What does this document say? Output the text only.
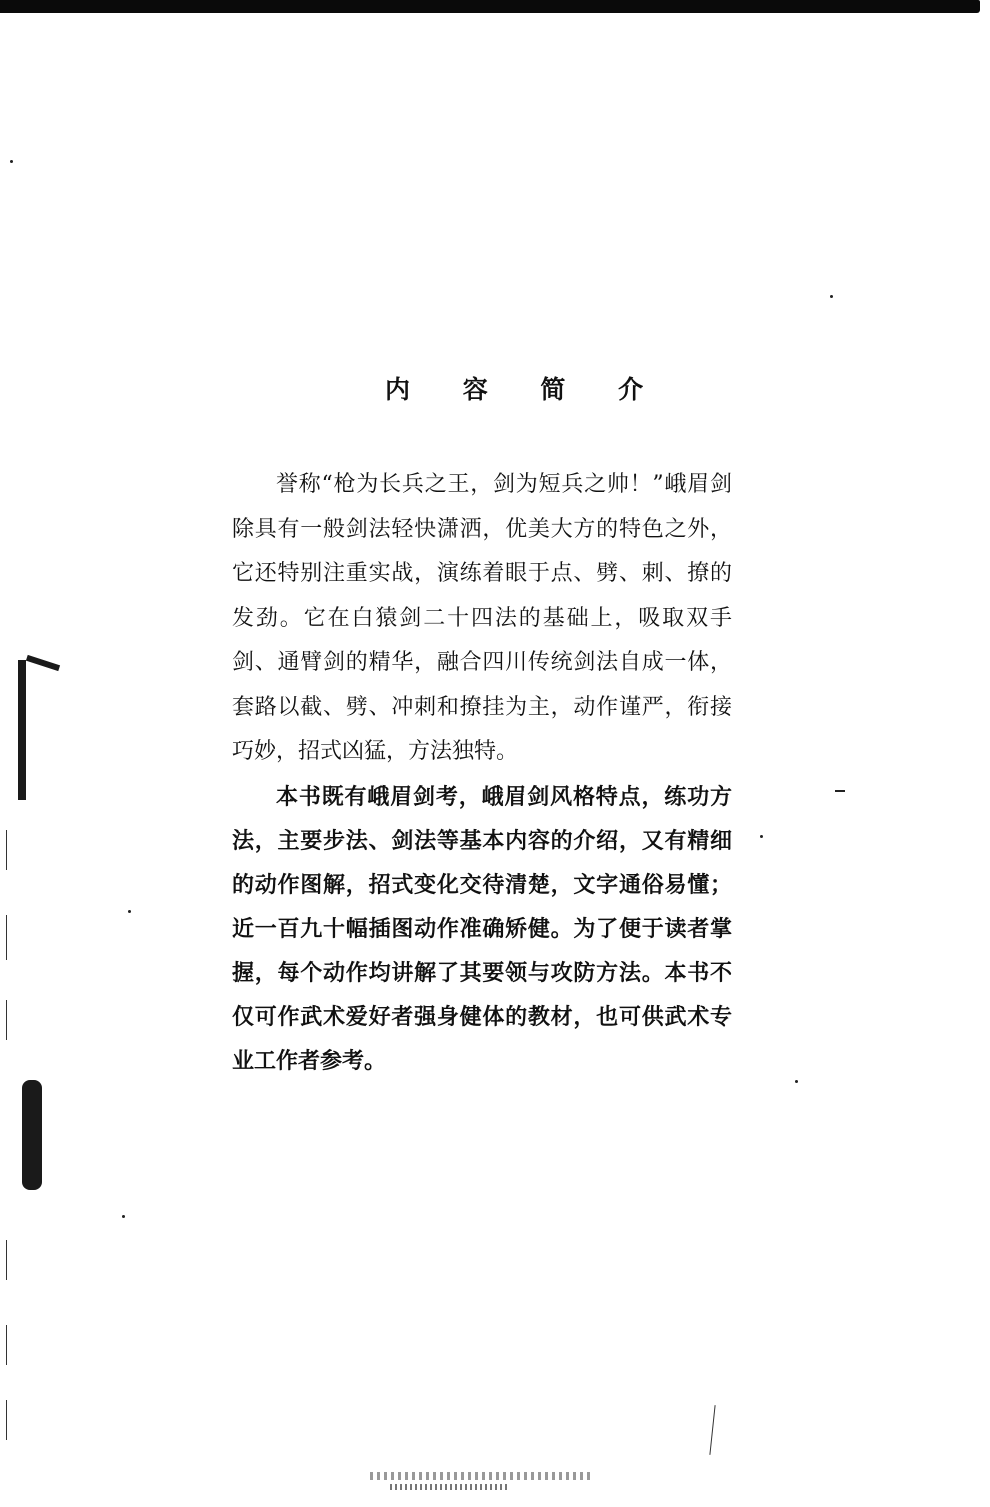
内 容 简 介

誉称“枪为长兵之王，剑为短兵之帅！”峨眉剑除具有一般剑法轻快潇洒，优美大方的特色之外，它还特别注重实战，演练着眼于点、劈、刺、撩的发劲。它在白猿剑二十四法的基础上，吸取双手剑、通臂剑的精华，融合四川传统剑法自成一体，套路以截、劈、冲刺和撩挂为主，动作谨严，衔接巧妙，招式凶猛，方法独特。

本书既有峨眉剑考，峨眉剑风格特点，练功方法，主要步法、剑法等基本内容的介绍，又有精细的动作图解，招式变化交待清楚，文字通俗易懂；近一百九十幅插图动作准确矫健。为了便于读者掌握，每个动作均讲解了其要领与攻防方法。本书不仅可作武术爱好者强身健体的教材，也可供武术专业工作者参考。
